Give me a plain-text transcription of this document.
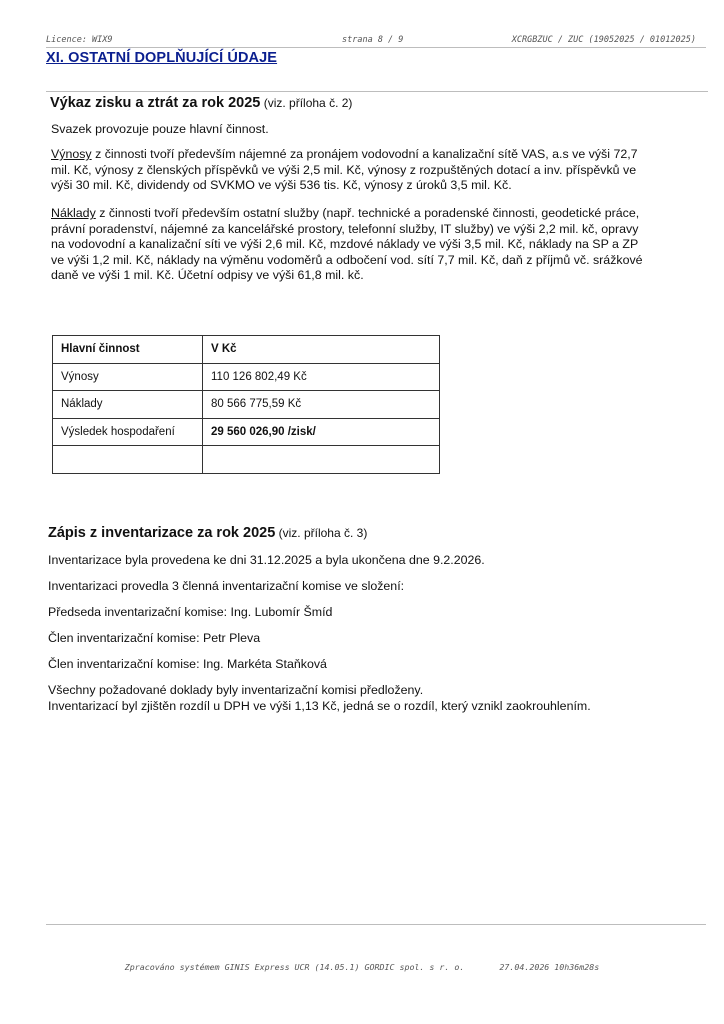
Licence: WIX9	strana 8 / 9	XCRGBZUC / ZUC (19052025 / 01012025)
XI. OSTATNÍ DOPLŇUJÍCÍ ÚDAJE
Výkaz zisku a ztrát za rok 2025 (viz. příloha č. 2)
Svazek provozuje pouze hlavní činnost.
Výnosy z činnosti tvoří především nájemné za pronájem vodovodní a kanalizační sítě VAS, a.s ve výši 72,7
mil. Kč, výnosy z členských příspěvků ve výši 2,5 mil. Kč, výnosy z rozpuštěných dotací a inv. příspěvků ve
výši 30 mil. Kč, dividendy od SVKMO ve výši 536 tis. Kč, výnosy z úroků 3,5 mil. Kč.
Náklady z činnosti tvoří především ostatní služby (např. technické a poradenské činnosti, geodetické práce,
právní poradenství, nájemné za kancelářské prostory, telefonní služby, IT služby) ve výši 2,2 mil. kč, opravy
na vodovodní a kanalizační síti ve výši 2,6 mil. Kč, mzdové náklady ve výši 3,5 mil. Kč, náklady na SP a ZP
ve výši 1,2 mil. Kč, náklady na výměnu vodoměrů a odbočení vod. sítí 7,7 mil. Kč, daň z příjmů vč. srážkové
daně ve výši 1 mil. Kč. Účetní odpisy ve výši 61,8 mil. kč.
Hlavní činnost	V Kč
Výnosy	110 126 802,49 Kč
Náklady	80 566 775,59 Kč
Výsledek hospodaření	29 560 026,90 /zisk/

Zápis z inventarizace za rok 2025 (viz. příloha č. 3)
Inventarizace byla provedena ke dni 31.12.2025 a byla ukončena dne 9.2.2026.
Inventarizaci provedla 3 členná inventarizační komise ve složení:
Předseda inventarizační komise: Ing. Lubomír Šmíd
Člen inventarizační komise: Petr Pleva
Člen inventarizační komise: Ing. Markéta Staňková
Všechny požadované doklady byly inventarizační komisi předloženy.
Inventarizací byl zjištěn rozdíl u DPH ve výši 1,13 Kč, jedná se o rozdíl, který vznikl zaokrouhlením.
Zpracováno systémem GINIS Express UCR (14.05.1) GORDIC spol. s r. o.       27.04.2026 10h36m28s
